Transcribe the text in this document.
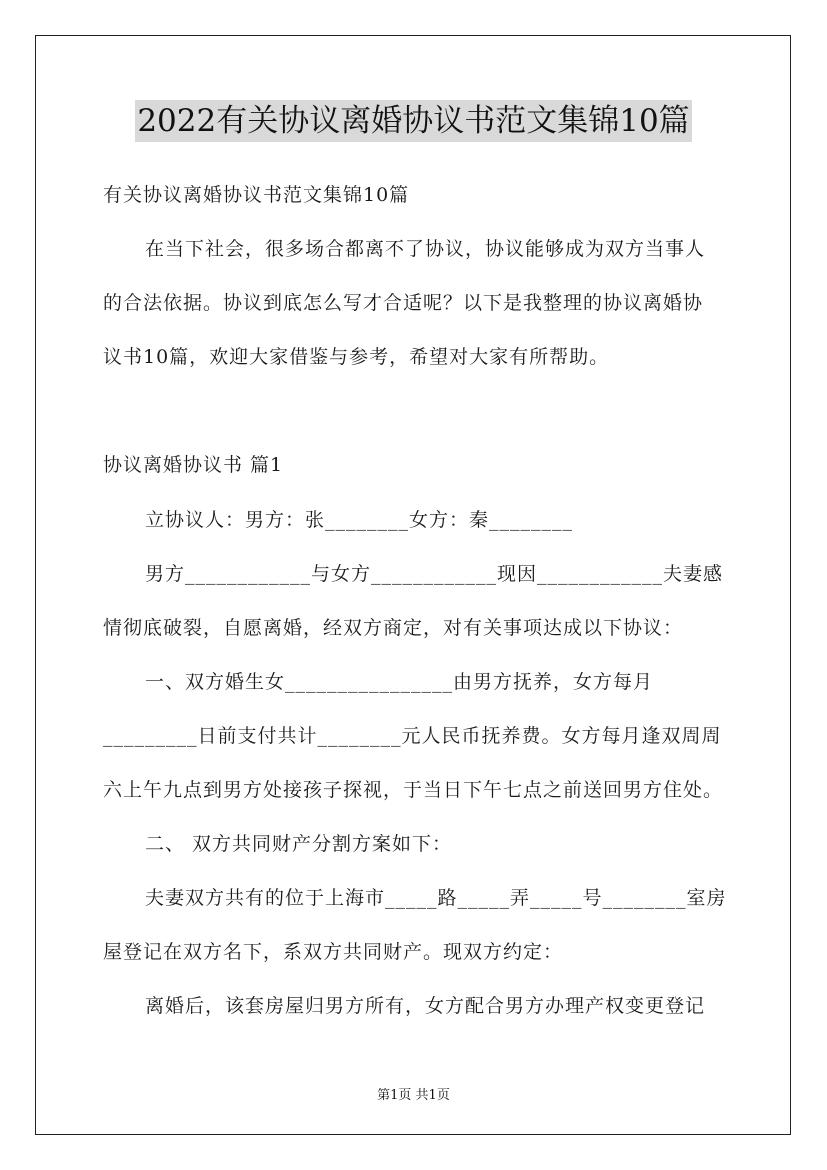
2022有关协议离婚协议书范文集锦10篇
有关协议离婚协议书范文集锦10篇
在当下社会，很多场合都离不了协议，协议能够成为双方当事人
的合法依据。协议到底怎么写才合适呢？以下是我整理的协议离婚协
议书10篇，欢迎大家借鉴与参考，希望对大家有所帮助。
协议离婚协议书 篇1
立协议人：男方：张________女方：秦________
男方____________与女方____________现因____________夫妻感
情彻底破裂，自愿离婚，经双方商定，对有关事项达成以下协议：
一、双方婚生女________________由男方抚养，女方每月
_________日前支付共计________元人民币抚养费。女方每月逢双周周
六上午九点到男方处接孩子探视，于当日下午七点之前送回男方住处。
二、 双方共同财产分割方案如下：
夫妻双方共有的位于上海市_____路_____弄_____号________室房
屋登记在双方名下，系双方共同财产。现双方约定：
离婚后，该套房屋归男方所有，女方配合男方办理产权变更登记
第1页 共1页
